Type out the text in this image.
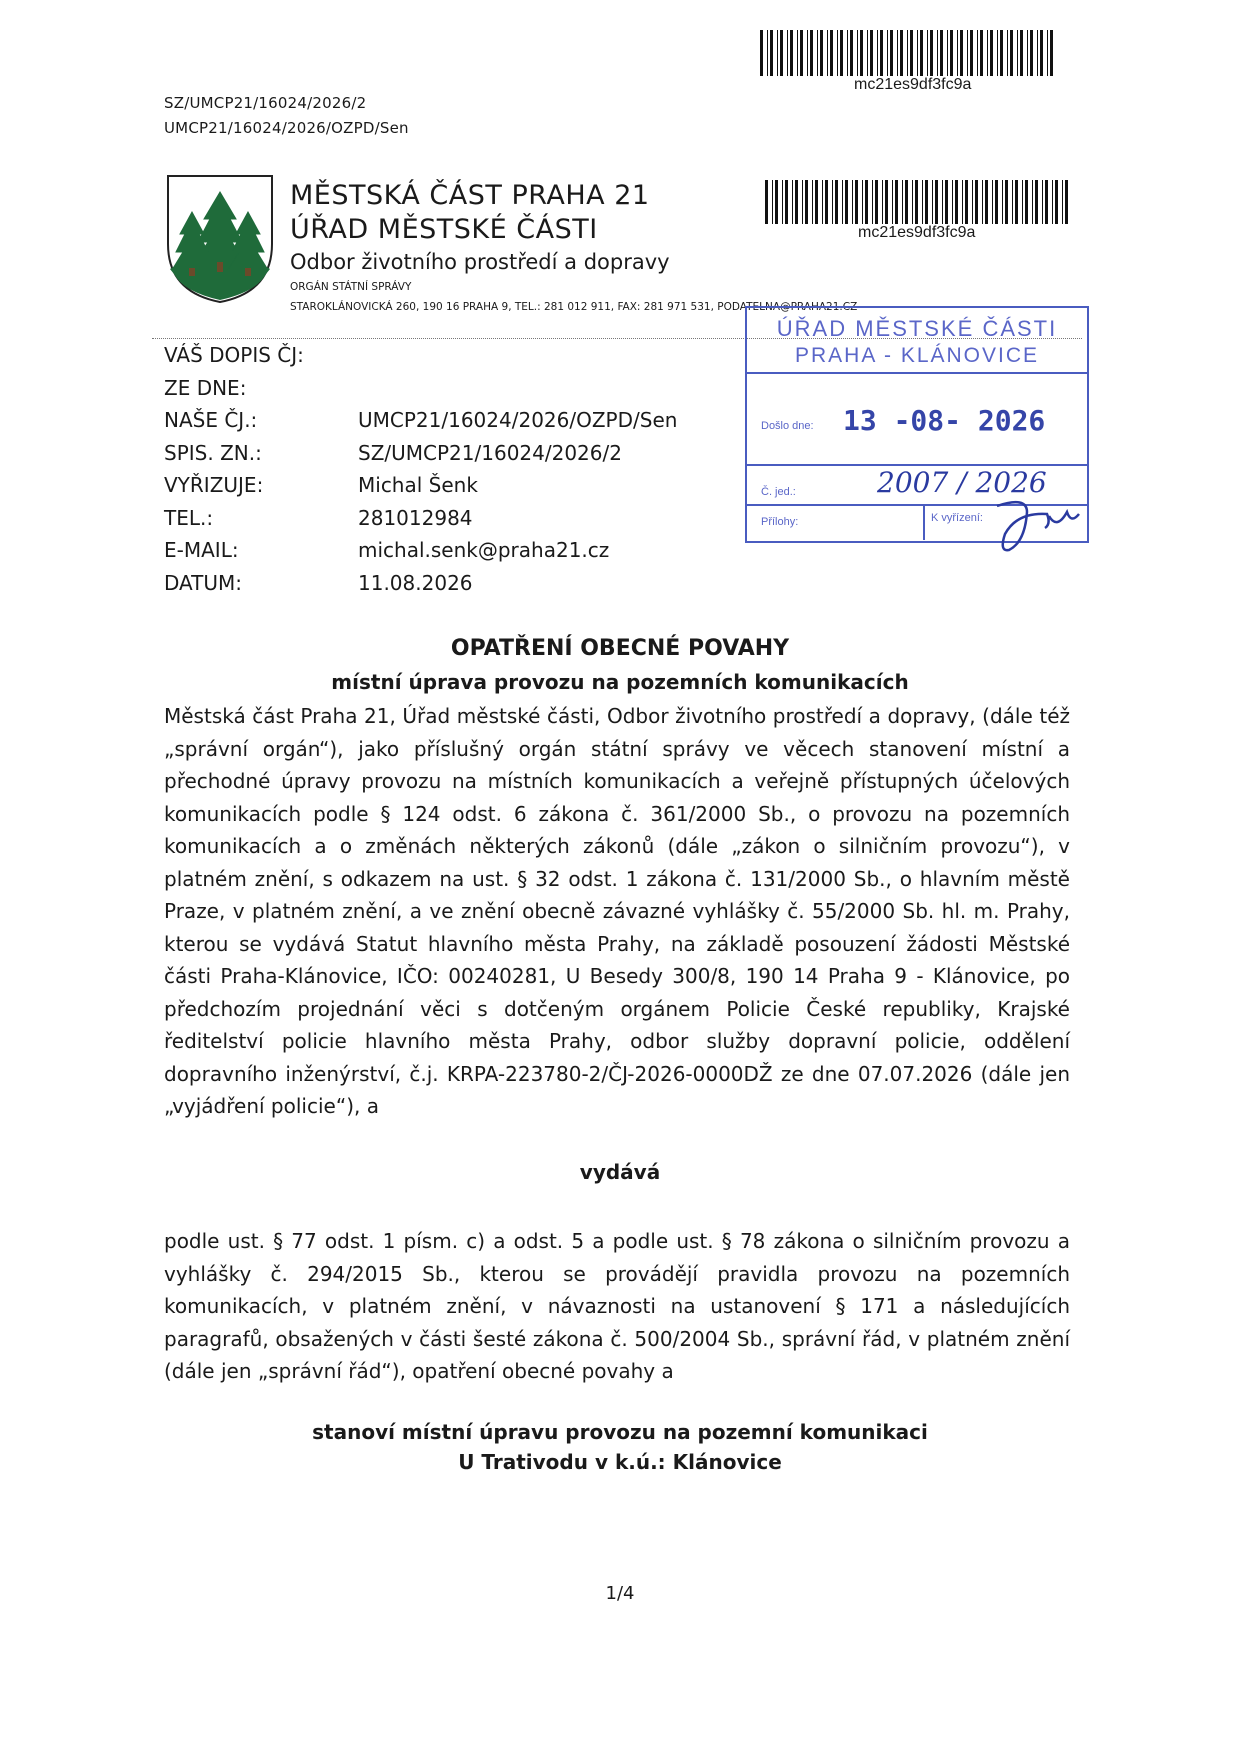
SZ/UMCP21/16024/2026/2
UMCP21/16024/2026/OZPD/Sen
mc21es9df3fc9a
MĚSTSKÁ ČÁST PRAHA 21
ÚŘAD MĚSTSKÉ ČÁSTI
Odbor životního prostředí a dopravy
ORGÁN STÁTNÍ SPRÁVY
STAROKLÁNOVICKÁ 260, 190 16 PRAHA 9, TEL.: 281 012 911, FAX: 281 971 531, PODATELNA@PRAHA21.CZ
mc21es9df3fc9a
VÁŠ DOPIS ČJ:
ZE DNE:
NAŠE ČJ.:	UMCP21/16024/2026/OZPD/Sen
SPIS. ZN.:	SZ/UMCP21/16024/2026/2
VYŘIZUJE:	Michal Šenk
TEL.:	281012984
E-MAIL:	michal.senk@praha21.cz
DATUM:	11.08.2026
ÚŘAD MĚSTSKÉ ČÁSTI
PRAHA - KLÁNOVICE
Došlo dne: 13 -08- 2026
Č. jed.:	2007 / 2026
Přílohy:	K vyřízení:
OPATŘENÍ OBECNÉ POVAHY
místní úprava provozu na pozemních komunikacích
Městská část Praha 21, Úřad městské části, Odbor životního prostředí a dopravy, (dále též „správní orgán“), jako příslušný orgán státní správy ve věcech stanovení místní a přechodné úpravy provozu na místních komunikacích a veřejně přístupných účelových komunikacích podle § 124 odst. 6 zákona č. 361/2000 Sb., o provozu na pozemních komunikacích a o změnách některých zákonů (dále „zákon o silničním provozu“), v platném znění, s odkazem na ust. § 32 odst. 1 zákona č. 131/2000 Sb., o hlavním městě Praze, v platném znění, a ve znění obecně závazné vyhlášky č. 55/2000 Sb. hl. m. Prahy, kterou se vydává Statut hlavního města Prahy, na základě posouzení žádosti Městské části Praha-Klánovice, IČO: 00240281, U Besedy 300/8, 190 14 Praha 9 - Klánovice, po předchozím projednání věci s dotčeným orgánem Policie České republiky, Krajské ředitelství policie hlavního města Prahy, odbor služby dopravní policie, oddělení dopravního inženýrství, č.j. KRPA-223780-2/ČJ-2026-0000DŽ ze dne 07.07.2026 (dále jen „vyjádření policie“), a
vydává
podle ust. § 77 odst. 1 písm. c) a odst. 5 a podle ust. § 78 zákona o silničním provozu a vyhlášky č. 294/2015 Sb., kterou se provádějí pravidla provozu na pozemních komunikacích, v platném znění, v návaznosti na ustanovení § 171 a následujících paragrafů, obsažených v části šesté zákona č. 500/2004 Sb., správní řád, v platném znění (dále jen „správní řád“), opatření obecné povahy a
stanoví místní úpravu provozu na pozemní komunikaci
U Trativodu v k.ú.: Klánovice
1/4
